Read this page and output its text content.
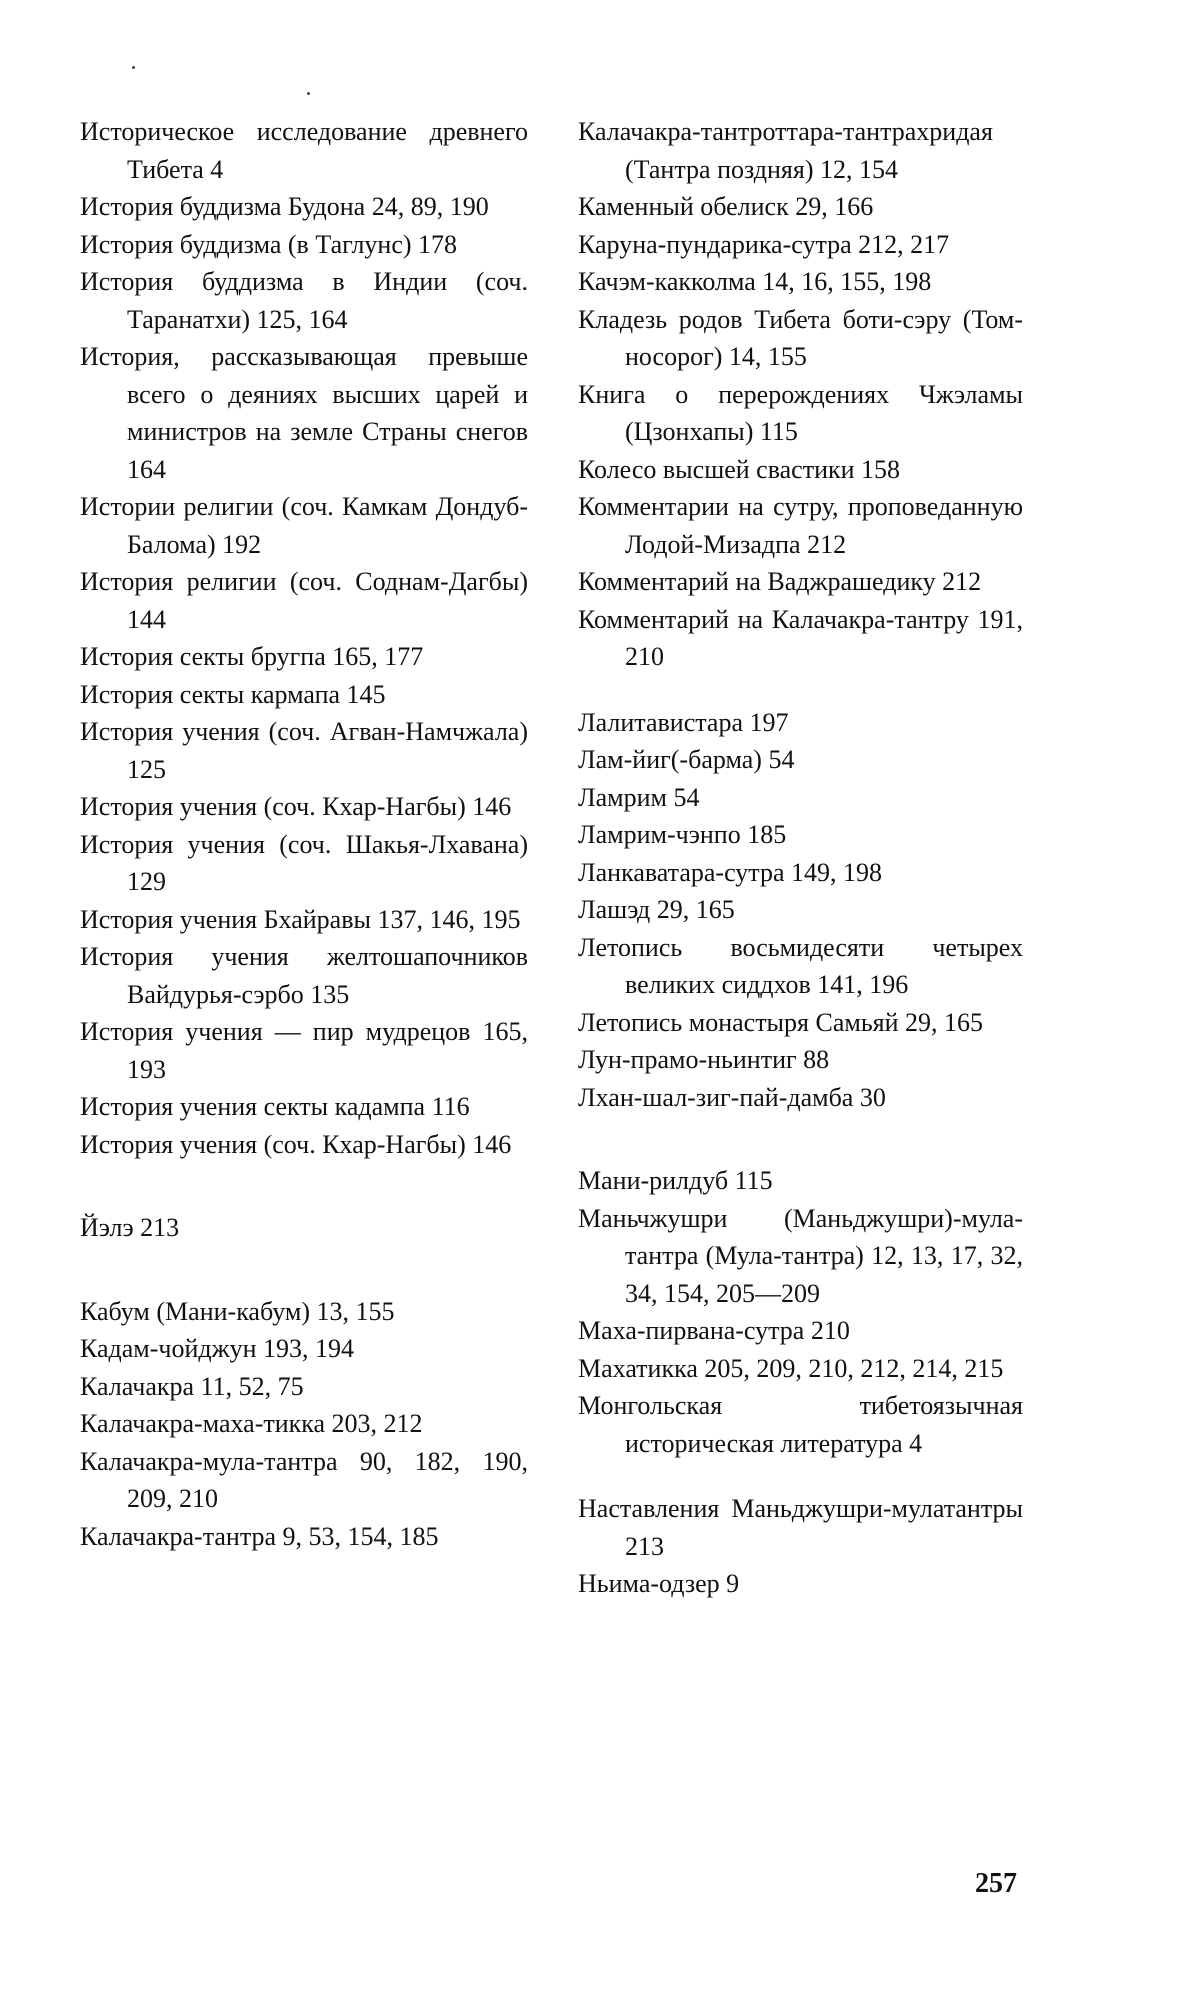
Историческое исследование древнего Тибета 4

История буддизма Будона 24, 89, 190

История буддизма (в Таглунс) 178

История буддизма в Индии (соч. Таранатхи) 125, 164

История, рассказывающая превыше всего о деяниях высших царей и министров на земле Страны снегов 164

Истории религии (соч. Камкам Дондуб-Балома) 192

История религии (соч. Соднам-Дагбы) 144

История секты бругпа 165, 177

История секты кармапа 145

История учения (соч. Агван-Намчжала) 125

История учения (соч. Кхар-Нагбы) 146

История учения (соч. Шакья-Лхавана) 129

История учения Бхайравы 137, 146, 195

История учения желтошапочников Вайдурья-сэрбо 135

История учения — пир мудрецов 165, 193

История учения секты кадампа 116

История учения (соч. Кхар-Нагбы) 146

Йэлэ 213

Кабум (Мани-кабум) 13, 155

Кадам-чойджун 193, 194

Калачакра 11, 52, 75

Калачакра-маха-тикка 203, 212

Калачакра-мула-тантра 90, 182, 190, 209, 210

Калачакра-тантра 9, 53, 154, 185

Калачакра-тантроттара-тантрахридая (Тантра поздняя) 12, 154

Каменный обелиск 29, 166

Каруна-пундарика-сутра 212, 217

Качэм-какколма 14, 16, 155, 198

Кладезь родов Тибета боти-сэру (Том-носорог) 14, 155

Книга о перерождениях Чжэламы (Цзонхапы) 115

Колесо высшей свастики 158

Комментарии на сутру, проповеданную Лодой-Мизадпа 212

Комментарий на Ваджрашедику 212

Комментарий на Калачакра-тантру 191, 210

Лалитавистара 197

Лам-йиг(-барма) 54

Ламрим 54

Ламрим-чэнпо 185

Ланкаватара-сутра 149, 198

Лашэд 29, 165

Летопись восьмидесяти четырех великих сиддхов 141, 196

Летопись монастыря Самьяй 29, 165

Лун-прамо-ньинтиг 88

Лхан-шал-зиг-пай-дамба 30

Мани-рилдуб 115

Маньчжушри (Маньджушри)-мула-тантра (Мула-тантра) 12, 13, 17, 32, 34, 154, 205—209

Маха-пирвана-сутра 210

Махатикка 205, 209, 210, 212, 214, 215

Монгольская тибетоязычная историческая литература 4

Наставления Маньджушри-мулатантры 213

Ньима-одзер 9

257
